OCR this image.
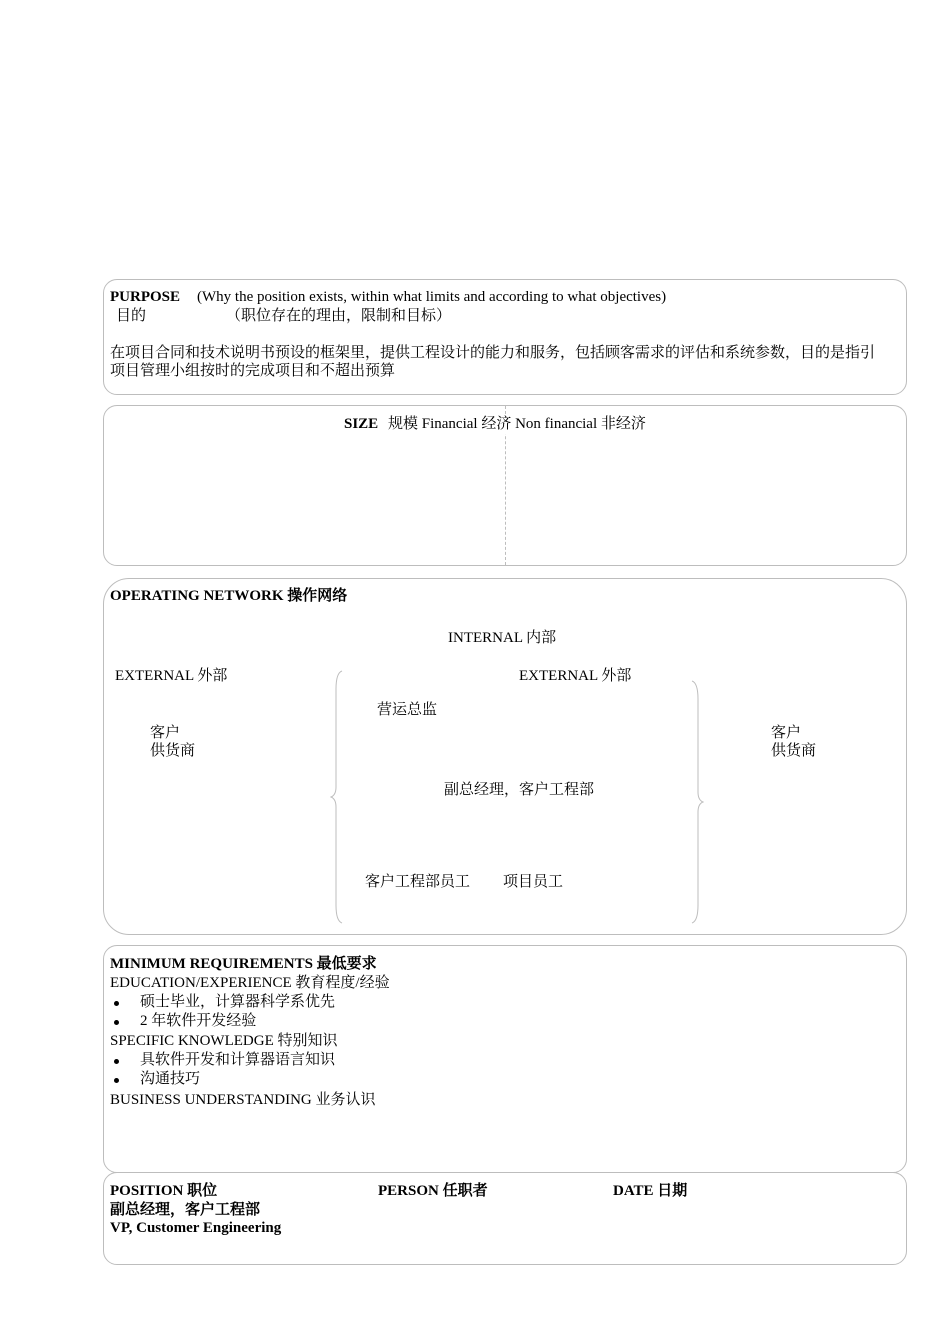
PURPOSE (Why the position exists, within what limits and according to what objectives)
目的	（职位存在的理由，限制和目标）
在项目合同和技术说明书预设的框架里，提供工程设计的能力和服务，包括顾客需求的评估和系统参数，目的是指引
项目管理小组按时的完成项目和不超出预算
SIZE 规模 Financial 经济 Non financial 非经济
OPERATING NETWORK 操作网络
INTERNAL 内部
EXTERNAL 外部	EXTERNAL 外部
客户
供货商
营运总监
副总经理，客户工程部
客户工程部员工 项目员工
客户
供货商
MINIMUM REQUIREMENTS 最低要求
EDUCATION/EXPERIENCE 教育程度/经验
硕士毕业，计算器科学系优先
2 年软件开发经验
SPECIFIC KNOWLEDGE 特别知识
具软件开发和计算器语言知识
沟通技巧
BUSINESS UNDERSTANDING 业务认识
POSITION 职位	PERSON 任职者	DATE 日期
副总经理，客户工程部
VP, Customer Engineering
